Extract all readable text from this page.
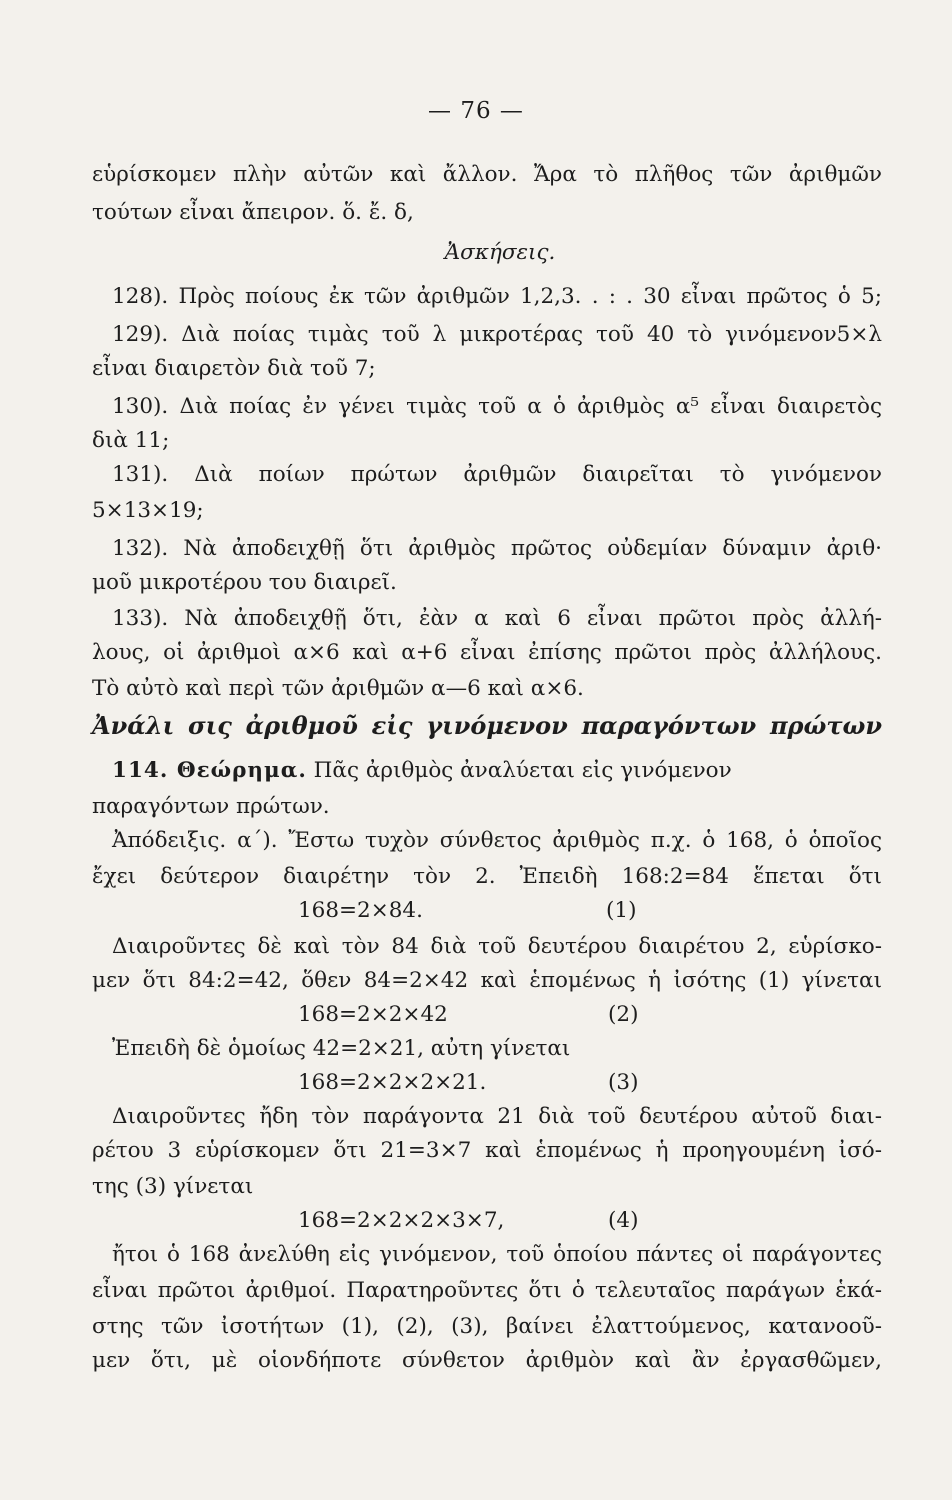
— 76 —
εὑρίσκομεν πλὴν αὐτῶν καὶ ἄλλον. Ἄρα τὸ πλῆθος τῶν ἀριθμῶν
τούτων εἶναι ἄπειρον. ὅ. ἔ. δ,
Ἀσκήσεις.
128). Πρὸς ποίους ἐκ τῶν ἀριθμῶν 1,2,3. . : . 30 εἶναι πρῶτος ὁ 5;
129). Διὰ ποίας τιμὰς τοῦ λ μικροτέρας τοῦ 40 τὸ γινόμενον5×λ
εἶναι διαιρετὸν διὰ τοῦ 7;
130). Διὰ ποίας ἐν γένει τιμὰς τοῦ α ὁ ἀριθμὸς α⁵ εἶναι διαιρετὸς
διὰ 11;
131). Διὰ ποίων πρώτων ἀριθμῶν διαιρεῖται τὸ γινόμενον
5×13×19;
132). Νὰ ἀποδειχθῇ ὅτι ἀριθμὸς πρῶτος οὐδεμίαν δύναμιν ἀριθ·
μοῦ μικροτέρου του διαιρεῖ.
133). Νὰ ἀποδειχθῇ ὅτι, ἐὰν α καὶ 6 εἶναι πρῶτοι πρὸς ἀλλή-
λους, οἱ ἀριθμοὶ α×6 καὶ α+6 εἶναι ἐπίσης πρῶτοι πρὸς ἀλλήλους.
Τὸ αὐτὸ καὶ περὶ τῶν ἀριθμῶν α—6 καὶ α×6.
Ἀνάλι σις ἀριθμοῦ εἰς γινόμενον παραγόντων πρώτων
114. Θεώρημα. Πᾶς ἀριθμὸς ἀναλύεται εἰς γινόμενον
παραγόντων πρώτων.
Ἀπόδειξις. α΄). Ἔστω τυχὸν σύνθετος ἀριθμὸς π.χ. ὁ 168, ὁ ὁποῖος
ἔχει δεύτερον διαιρέτην τὸν 2. Ἐπειδὴ 168:2=84 ἕπεται ὅτι
168=2×84.	(1)
Διαιροῦντες δὲ καὶ τὸν 84 διὰ τοῦ δευτέρου διαιρέτου 2, εὑρίσκο-
μεν ὅτι 84:2=42, ὅθεν 84=2×42 καὶ ἑπομένως ἡ ἰσότης (1) γίνεται
168=2×2×42	(2)
Ἐπειδὴ δὲ ὁμοίως 42=2×21, αὐτη γίνεται
168=2×2×2×21.	(3)
Διαιροῦντες ἤδη τὸν παράγοντα 21 διὰ τοῦ δευτέρου αὐτοῦ διαι-
ρέτου 3 εὑρίσκομεν ὅτι 21=3×7 καὶ ἑπομένως ἡ προηγουμένη ἰσό-
της (3) γίνεται
168=2×2×2×3×7,	(4)
ἤτοι ὁ 168 ἀνελύθη εἰς γινόμενον, τοῦ ὁποίου πάντες οἱ παράγοντες
εἶναι πρῶτοι ἀριθμοί. Παρατηροῦντες ὅτι ὁ τελευταῖος παράγων ἑκά-
στης τῶν ἰσοτήτων (1), (2), (3), βαίνει ἐλαττούμενος, κατανοοῦ-
μεν ὅτι, μὲ οἱονδήποτε σύνθετον ἀριθμὸν καὶ ἂν ἐργασθῶμεν,
